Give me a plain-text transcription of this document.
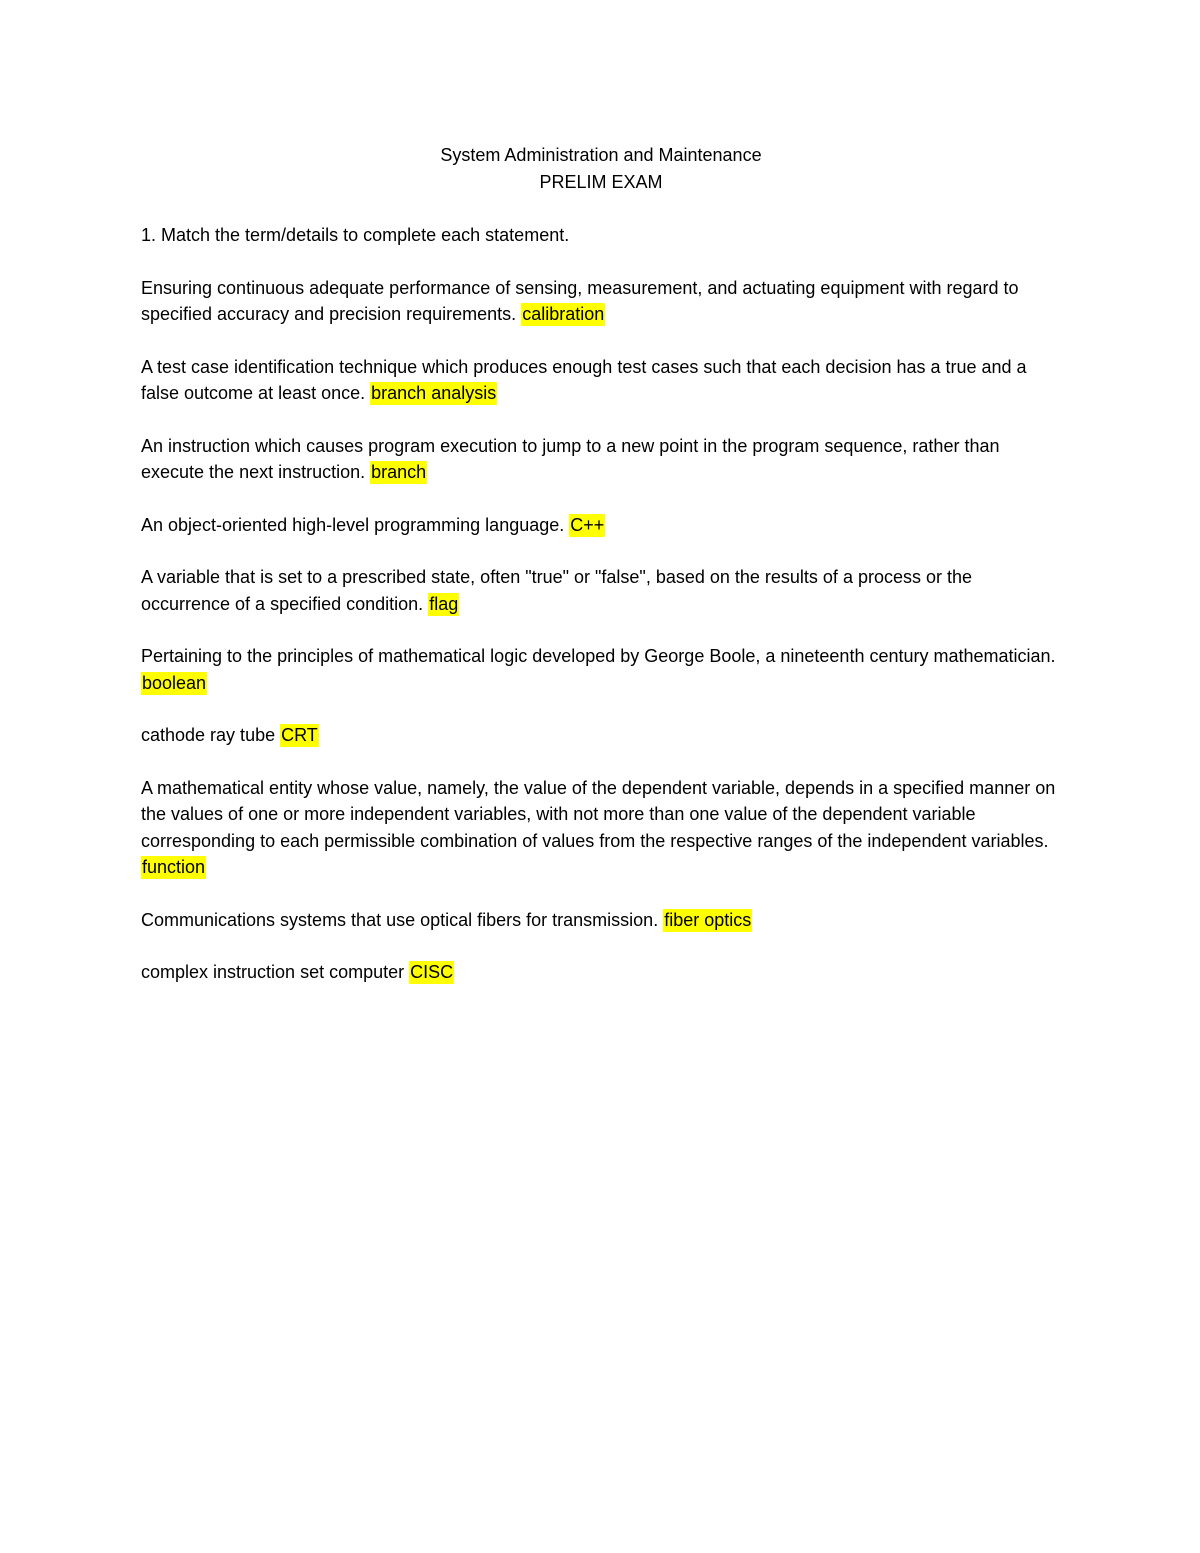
System Administration and Maintenance
PRELIM EXAM

1. Match the term/details to complete each statement.

Ensuring continuous adequate performance of sensing, measurement, and actuating equipment with regard to specified accuracy and precision requirements. calibration

A test case identification technique which produces enough test cases such that each decision has a true and a false outcome at least once. branch analysis

An instruction which causes program execution to jump to a new point in the program sequence, rather than execute the next instruction. branch

An object-oriented high-level programming language. C++

A variable that is set to a prescribed state, often "true" or "false", based on the results of a process or the occurrence of a specified condition. flag

Pertaining to the principles of mathematical logic developed by George Boole, a nineteenth century mathematician. boolean

cathode ray tube CRT

A mathematical entity whose value, namely, the value of the dependent variable, depends in a specified manner on the values of one or more independent variables, with not more than one value of the dependent variable corresponding to each permissible combination of values from the respective ranges of the independent variables. function

Communications systems that use optical fibers for transmission. fiber optics

complex instruction set computer CISC
